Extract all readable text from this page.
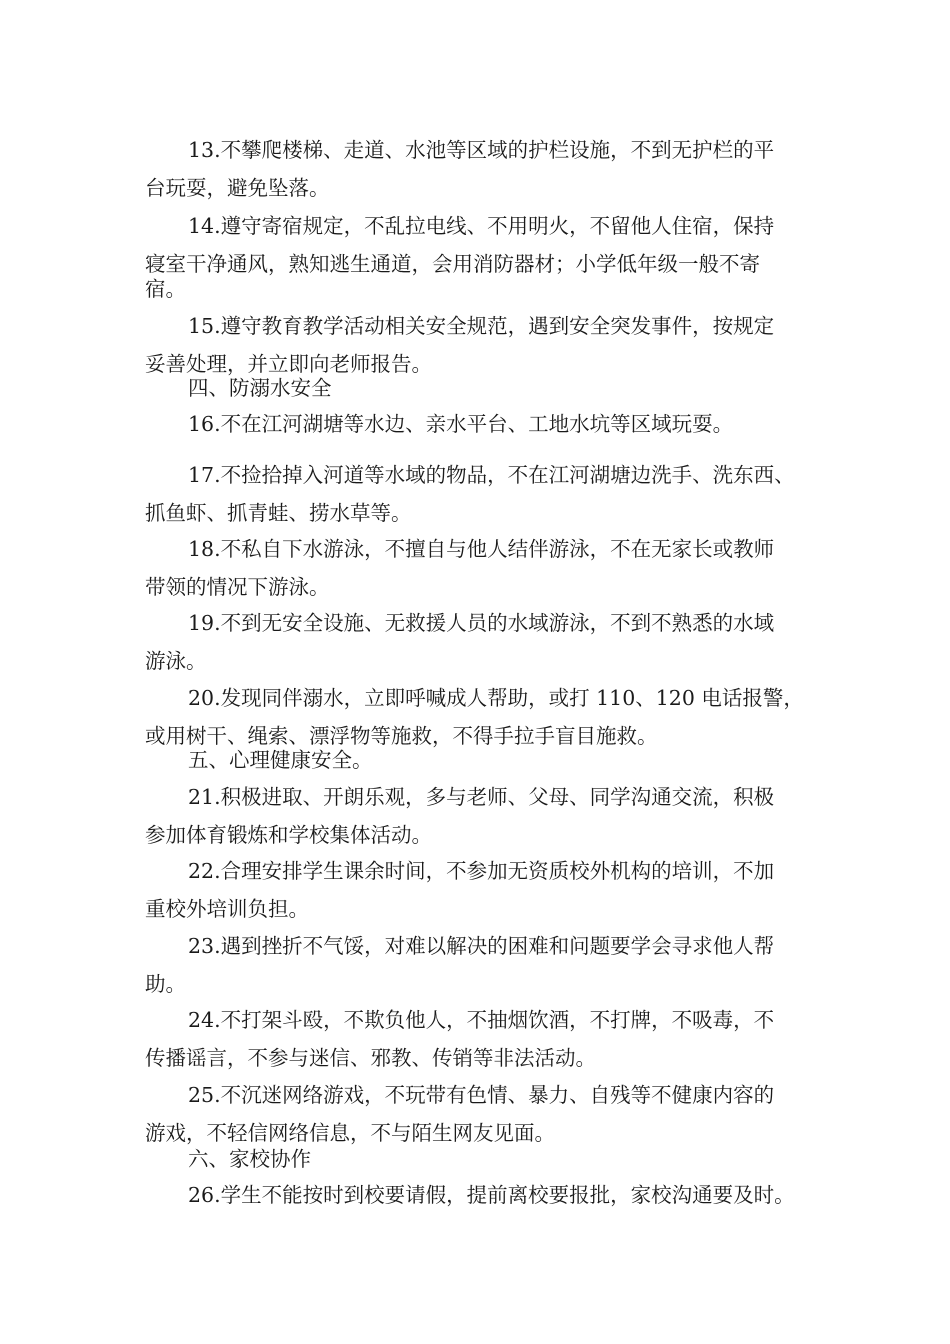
13.不攀爬楼梯、走道、水池等区域的护栏设施，不到无护栏的平
台玩耍，避免坠落。
14.遵守寄宿规定，不乱拉电线、不用明火，不留他人住宿，保持
寝室干净通风，熟知逃生通道，会用消防器材；小学低年级一般不寄
宿。
15.遵守教育教学活动相关安全规范，遇到安全突发事件，按规定
妥善处理，并立即向老师报告。
四、防溺水安全
16.不在江河湖塘等水边、亲水平台、工地水坑等区域玩耍。
17.不捡拾掉入河道等水域的物品，不在江河湖塘边洗手、洗东西、
抓鱼虾、抓青蛙、捞水草等。
18.不私自下水游泳，不擅自与他人结伴游泳，不在无家长或教师
带领的情况下游泳。
19.不到无安全设施、无救援人员的水域游泳，不到不熟悉的水域
游泳。
20.发现同伴溺水，立即呼喊成人帮助，或打 110、120 电话报警，
或用树干、绳索、漂浮物等施救，不得手拉手盲目施救。
五、心理健康安全。
21.积极进取、开朗乐观，多与老师、父母、同学沟通交流，积极
参加体育锻炼和学校集体活动。
22.合理安排学生课余时间，不参加无资质校外机构的培训，不加
重校外培训负担。
23.遇到挫折不气馁，对难以解决的困难和问题要学会寻求他人帮
助。
24.不打架斗殴，不欺负他人，不抽烟饮酒，不打牌，不吸毒，不
传播谣言，不参与迷信、邪教、传销等非法活动。
25.不沉迷网络游戏，不玩带有色情、暴力、自残等不健康内容的
游戏，不轻信网络信息，不与陌生网友见面。
六、家校协作
26.学生不能按时到校要请假，提前离校要报批，家校沟通要及时。
